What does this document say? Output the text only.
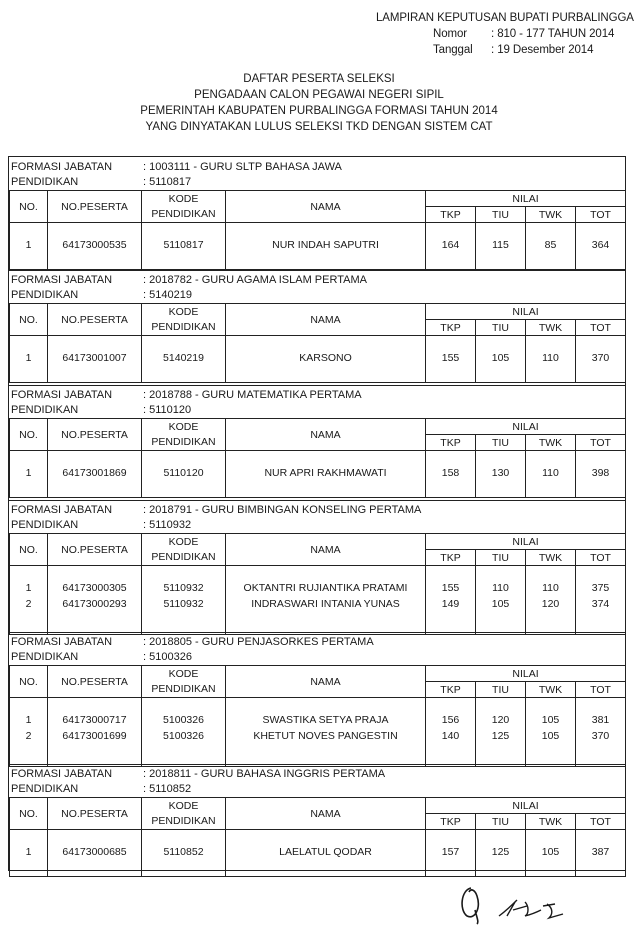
LAMPIRAN KEPUTUSAN BUPATI PURBALINGGA
Nomor : 810 - 177 TAHUN 2014
Tanggal : 19 Desember 2014
DAFTAR PESERTA SELEKSI
PENGADAAN CALON PEGAWAI NEGERI SIPIL
PEMERINTAH KABUPATEN PURBALINGGA FORMASI TAHUN 2014
YANG DINYATAKAN LULUS SELEKSI TKD DENGAN SISTEM CAT
FORMASI JABATAN	: 1003111 - GURU SLTP BAHASA JAWA
PENDIDIKAN	: 5110817
NO.	NO.PESERTA	KODE
PENDIDIKAN	NAMA	NILAI			
				TKP	TIU	TWK	TOT

1	64173000535	5110817	NUR INDAH SAPUTRI	164	115	85	364

FORMASI JABATAN	: 2018782 - GURU AGAMA ISLAM PERTAMA
PENDIDIKAN	: 5140219
NO.	NO.PESERTA	KODE
PENDIDIKAN	NAMA	NILAI			
				TKP	TIU	TWK	TOT

1	64173001007	5140219	KARSONO	155	105	110	370

FORMASI JABATAN	: 2018788 - GURU MATEMATIKA PERTAMA
PENDIDIKAN	: 5110120
NO.	NO.PESERTA	KODE
PENDIDIKAN	NAMA	NILAI			
				TKP	TIU	TWK	TOT

1	64173001869	5110120	NUR APRI RAKHMAWATI	158	130	110	398

FORMASI JABATAN	: 2018791 - GURU BIMBINGAN KONSELING PERTAMA
PENDIDIKAN	: 5110932
NO.	NO.PESERTA	KODE
PENDIDIKAN	NAMA	NILAI			
				TKP	TIU	TWK	TOT

1	64173000305	5110932	OKTANTRI RUJIANTIKA PRATAMI	155	110	110	375
2	64173000293	5110932	INDRASWARI INTANIA YUNAS	149	105	120	374

FORMASI JABATAN	: 2018805 - GURU PENJASORKES PERTAMA
PENDIDIKAN	: 5100326
NO.	NO.PESERTA	KODE
PENDIDIKAN	NAMA	NILAI			
				TKP	TIU	TWK	TOT

1	64173000717	5100326	SWASTIKA SETYA PRAJA	156	120	105	381
2	64173001699	5100326	KHETUT NOVES PANGESTIN	140	125	105	370

FORMASI JABATAN	: 2018811 - GURU BAHASA INGGRIS PERTAMA
PENDIDIKAN	: 5110852
NO.	NO.PESERTA	KODE
PENDIDIKAN	NAMA	NILAI			
				TKP	TIU	TWK	TOT

1	64173000685	5110852	LAELATUL QODAR	157	125	105	387
